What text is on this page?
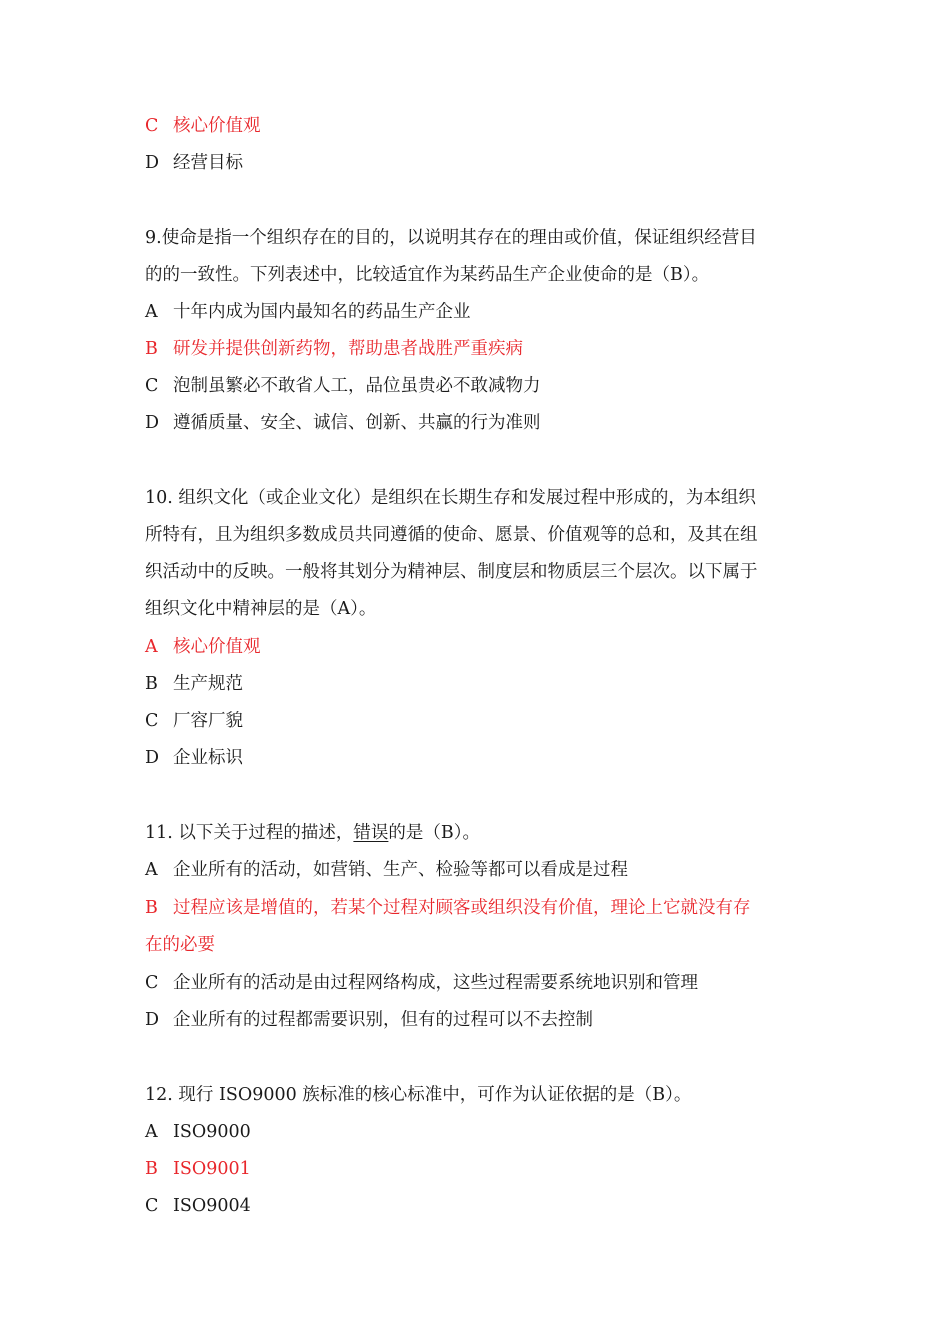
C 核心价值观
D 经营目标
9.使命是指一个组织存在的目的，以说明其存在的理由或价值，保证组织经营目
的的一致性。下列表述中，比较适宜作为某药品生产企业使命的是（B）。
A 十年内成为国内最知名的药品生产企业
B 研发并提供创新药物，帮助患者战胜严重疾病
C 泡制虽繁必不敢省人工，品位虽贵必不敢减物力
D 遵循质量、安全、诚信、创新、共赢的行为准则
10. 组织文化（或企业文化）是组织在长期生存和发展过程中形成的，为本组织
所特有，且为组织多数成员共同遵循的使命、愿景、价值观等的总和，及其在组
织活动中的反映。一般将其划分为精神层、制度层和物质层三个层次。以下属于
组织文化中精神层的是（A）。
A 核心价值观
B 生产规范
C 厂容厂貌
D 企业标识
11. 以下关于过程的描述，错误的是（B）。
A 企业所有的活动，如营销、生产、检验等都可以看成是过程
B 过程应该是增值的，若某个过程对顾客或组织没有价值，理论上它就没有存
在的必要
C 企业所有的活动是由过程网络构成，这些过程需要系统地识别和管理
D 企业所有的过程都需要识别，但有的过程可以不去控制
12. 现行 ISO9000 族标准的核心标准中，可作为认证依据的是（B）。
A ISO9000
B ISO9001
C ISO9004
